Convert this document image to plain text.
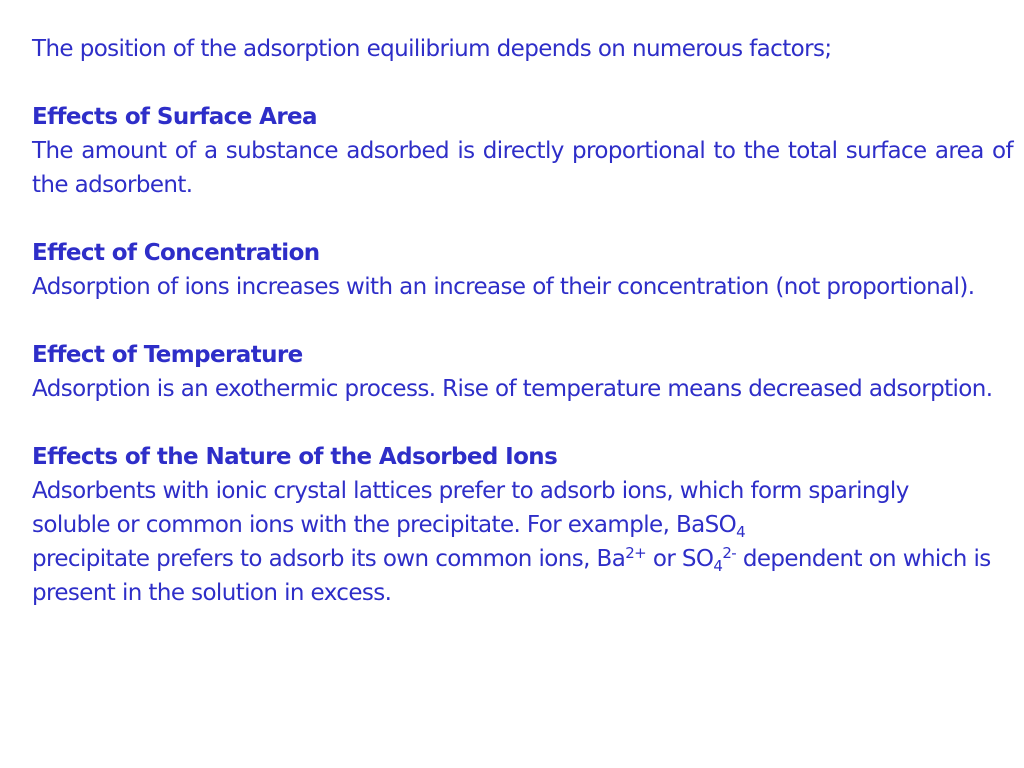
The position of the adsorption equilibrium depends on numerous factors;

Effects of Surface Area

The amount of a substance adsorbed is directly proportional to the total surface area of the adsorbent.

Effect of Concentration

Adsorption of ions increases with an increase of their concentration (not proportional).

Effect of Temperature

Adsorption is an exothermic process. Rise of temperature means decreased adsorption.

Effects of the Nature of the Adsorbed Ions

Adsorbents with ionic crystal lattices prefer to adsorb ions, which form sparingly soluble or common ions with the precipitate. For example, BaSO$_4$
precipitate prefers to adsorb its own common ions, $Ba^{2+}$ or $SO_4^{2-}$ dependent on which is present in the solution in excess.
